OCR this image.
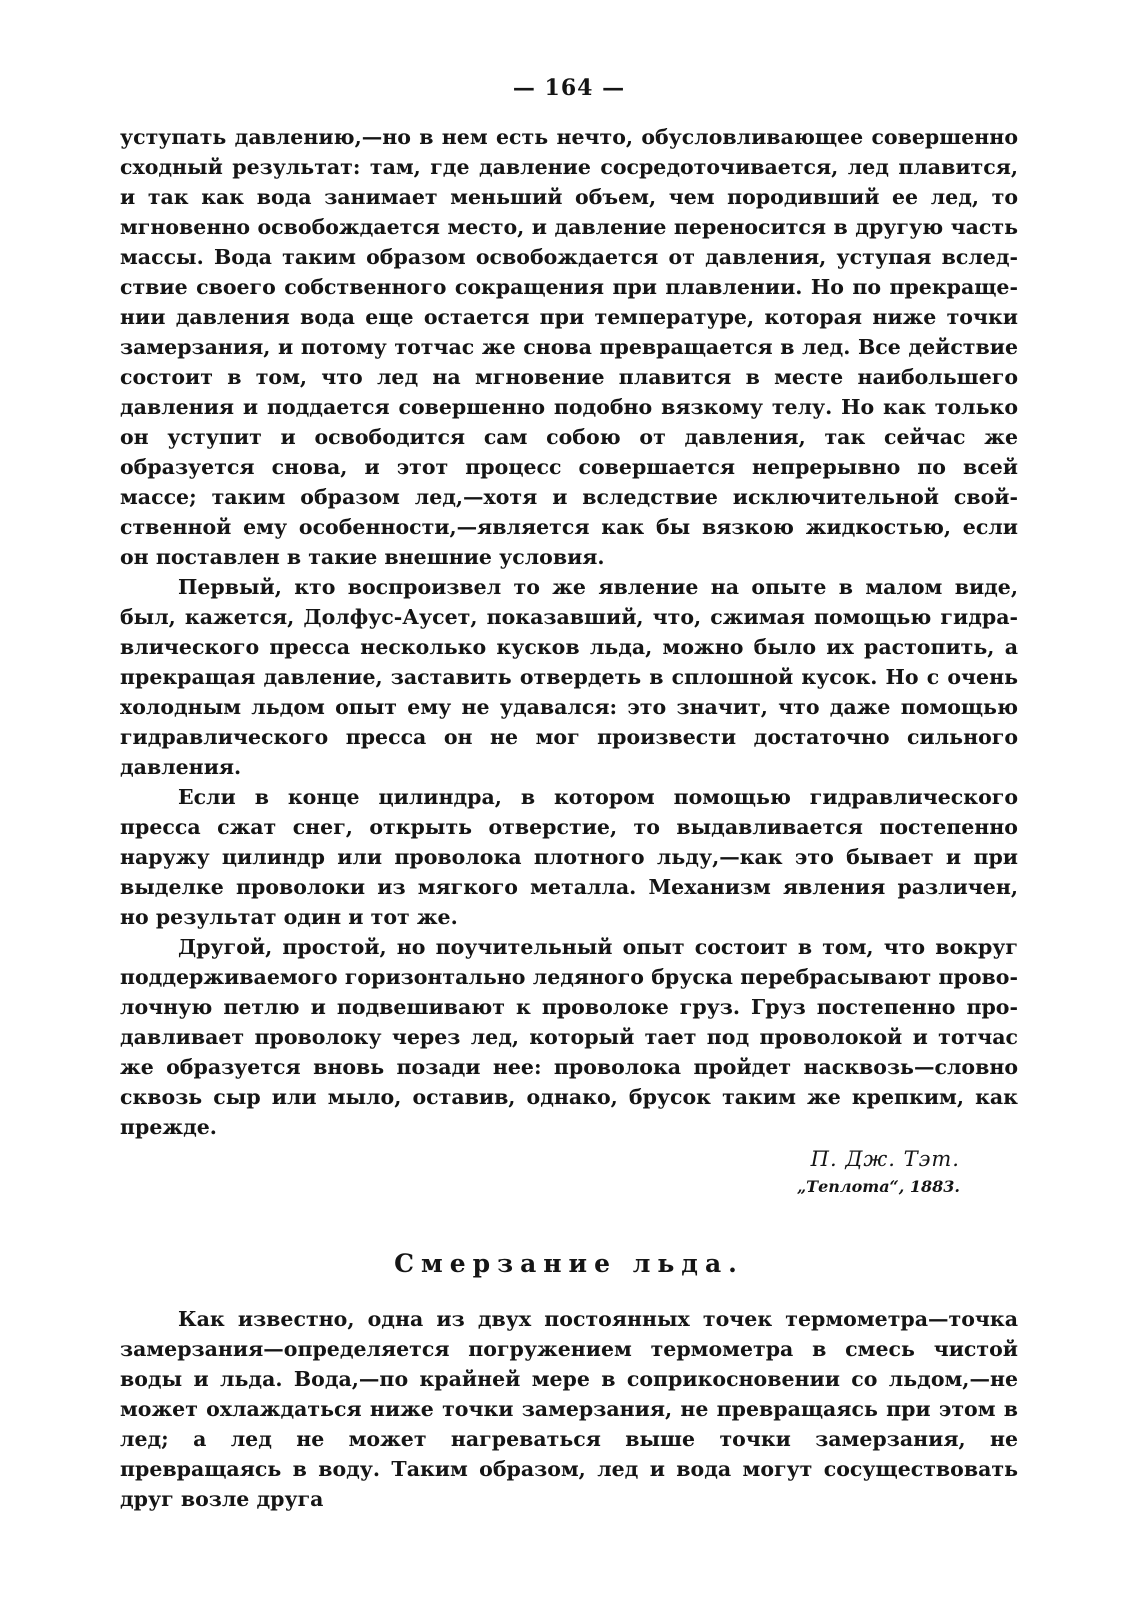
— 164 —

уступать давлению,—но в нем есть нечто, обусловливающее совершенно сходный результат: там, где давление сосредоточивается, лед плавится, и так как вода занимает меньший объем, чем породивший ее лед, то мгновенно освобождается место, и давление переносится в другую часть массы. Вода таким образом освобождается от давления, уступая вследствие своего собственного сокращения при плавлении. Но по прекращении давления вода еще остается при температуре, которая ниже точки замерзания, и потому тотчас же снова превращается в лед. Все действие состоит в том, что лед на мгновение плавится в месте наибольшего давления и поддается совершенно подобно вязкому телу. Но как только он уступит и освободится сам собою от давления, так сейчас же образуется снова, и этот процесс совершается непрерывно по всей массе; таким образом лед,—хотя и вследствие исключительной свойственной ему особенности,—является как бы вязкою жидкостью, если он поставлен в такие внешние условия.

Первый, кто воспроизвел то же явление на опыте в малом виде, был, кажется, Долфус-Аусет, показавший, что, сжимая помощью гидравлического пресса несколько кусков льда, можно было их растопить, а прекращая давление, заставить отвердеть в сплошной кусок. Но с очень холодным льдом опыт ему не удавался: это значит, что даже помощью гидравлического пресса он не мог произвести достаточно сильного давления.

Если в конце цилиндра, в котором помощью гидравлического пресса сжат снег, открыть отверстие, то выдавливается постепенно наружу цилиндр или проволока плотного льду,—как это бывает и при выделке проволоки из мягкого металла. Механизм явления различен, но результат один и тот же.

Другой, простой, но поучительный опыт состоит в том, что вокруг поддерживаемого горизонтально ледяного бруска перебрасывают проволочную петлю и подвешивают к проволоке груз. Груз постепенно продавливает проволоку через лед, который тает под проволокой и тотчас же образуется вновь позади нее: проволока пройдет насквозь—словно сквозь сыр или мыло, оставив, однако, брусок таким же крепким, как прежде.

П. Дж. Тэт.
„Теплота“, 1883.
Смерзание льда.

Как известно, одна из двух постоянных точек термометра—точка замерзания—определяется погружением термометра в смесь чистой воды и льда. Вода,—по крайней мере в соприкосновении со льдом,—не может охлаждаться ниже точки замерзания, не превращаясь при этом в лед; а лед не может нагреваться выше точки замерзания, не превращаясь в воду. Таким образом, лед и вода могут сосуществовать друг возле друга
